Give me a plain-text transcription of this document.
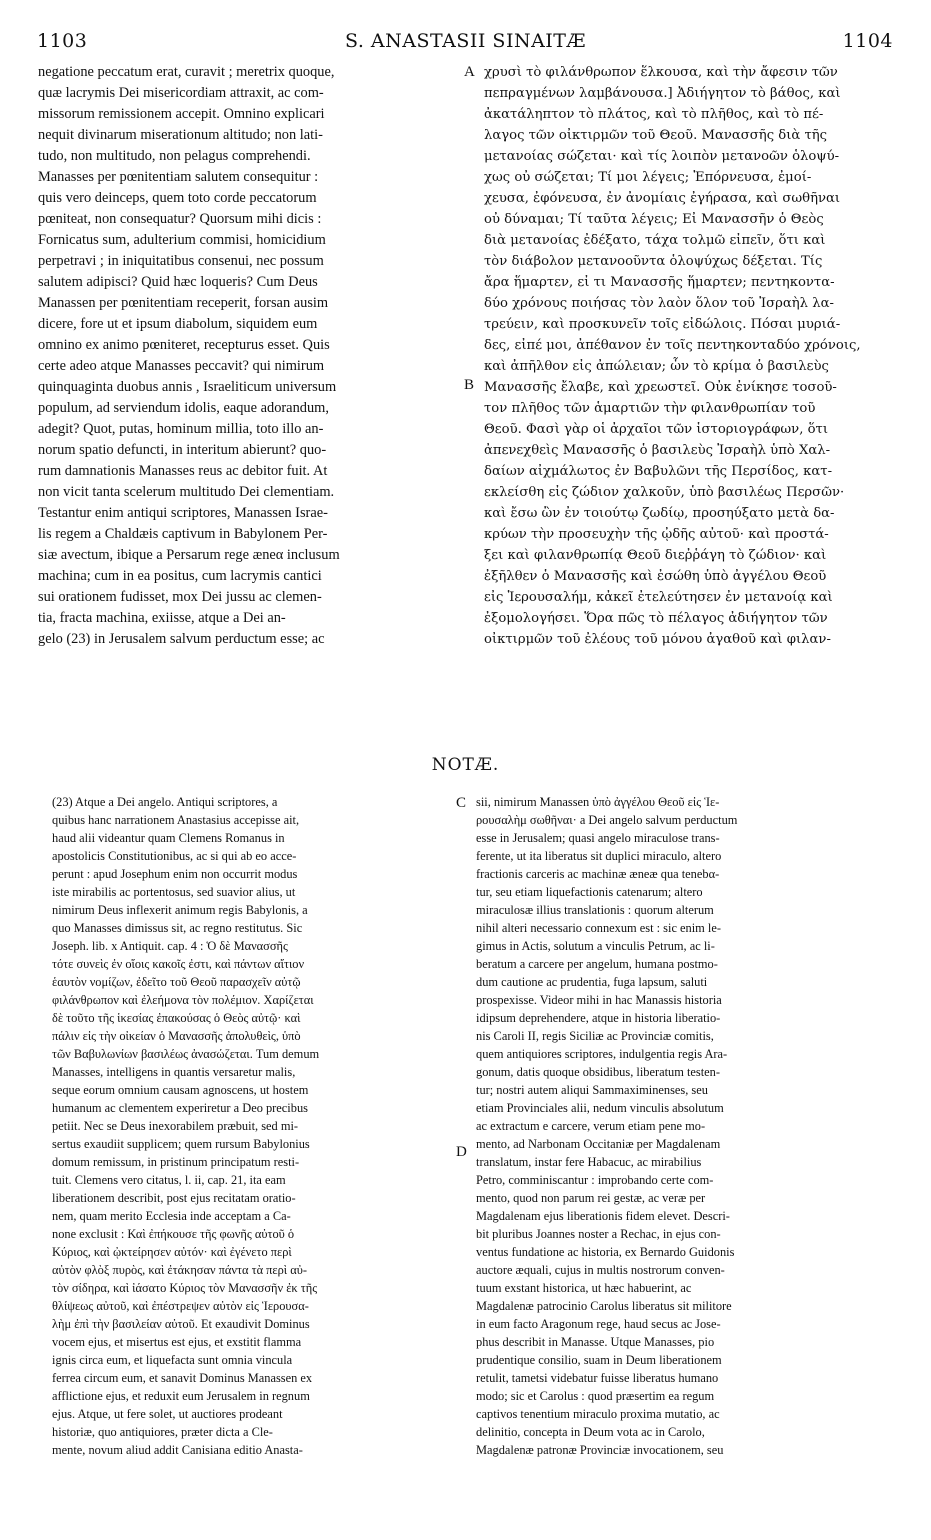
1103	S. ANASTASII SINAITÆ	1104
A
B
C
D
negatione peccatum erat, curavit ; meretrix quoque,
quæ lacrymis Dei misericordiam attraxit, ac com-
missorum remissionem accepit. Omnino explicari
nequit divinarum miserationum altitudo; non lati-
tudo, non multitudo, non pelagus comprehendi.
Manasses per pœnitentiam salutem consequitur :
quis vero deinceps, quem toto corde peccatorum
pœniteat, non consequatur? Quorsum mihi dicis :
Fornicatus sum, adulterium commisi, homicidium
perpetravi ; in iniquitatibus consenui, nec possum
salutem adipisci? Quid hæc loqueris? Cum Deus
Manassen per pœnitentiam receperit, forsan ausim
dicere, fore ut et ipsum diabolum, siquidem eum
omnino ex animo pœniteret, recepturus esset. Quis
certe adeo atque Manasses peccavit? qui nimirum
quinquaginta duobus annis , Israeliticum universum
populum, ad serviendum idolis, eaque adorandum,
adegit? Quot, putas, hominum millia, toto illo an-
norum spatio defuncti, in interitum abierunt? quo-
rum damnationis Manasses reus ac debitor fuit. At
non vicit tanta scelerum multitudo Dei clementiam.
Testantur enim antiqui scriptores, Manassen Israe-
lis regem a Chaldæis captivum in Babylonem Per-
siæ avectum, ibique a Persarum rege æneα inclusum
machina; cum in ea positus, cum lacrymis cantici
sui orationem fudisset, mox Dei jussu ac clemen-
tia, fracta machina, exiisse, atque a Dei an-
gelo (23) in Jerusalem salvum perductum esse; ac
χρυσὶ τὸ φιλάνθρωπον ἕλκουσα, καὶ τὴν ἄφεσιν τῶν
πεπραγμένων λαμβάνουσα.] Ἀδιήγητον τὸ βάθος, καὶ
ἀκατάληπτον τὸ πλάτος, καὶ τὸ πλῆθος, καὶ τὸ πέ-
λαγος τῶν οἰκτιρμῶν τοῦ Θεοῦ. Μανασσῆς διὰ τῆς
μετανοίας σώζεται· καὶ τίς λοιπὸν μετανοῶν ὁλοψύ-
χως οὐ σώζεται; Τί μοι λέγεις; Ἐπόρνευσα, ἐμοί-
χευσα, ἐφόνευσα, ἐν ἀνομίαις ἐγήρασα, καὶ σωθῆναι
οὐ δύναμαι; Τί ταῦτα λέγεις; Εἰ Μανασσῆν ὁ Θεὸς
διὰ μετανοίας ἐδέξατο, τάχα τολμῶ εἰπεῖν, ὅτι καὶ
τὸν διάβολον μετανοοῦντα ὁλοψύχως δέξεται. Τίς
ἄρα ἥμαρτεν, εἰ τι Μανασσῆς ἥμαρτεν; πεντηκοντα-
δύο χρόνους ποιήσας τὸν λαὸν ὅλον τοῦ Ἰσραὴλ λα-
τρεύειν, καὶ προσκυνεῖν τοῖς εἰδώλοις. Πόσαι μυριά-
δες, εἰπέ μοι, ἀπέθανον ἐν τοῖς πεντηκονταδύο χρόνοις,
καὶ ἀπῆλθον εἰς ἀπώλειαν; ὧν τὸ κρίμα ὁ βασιλεὺς
Μανασσῆς ἔλαβε, καὶ χρεωστεῖ. Οὐκ ἐνίκησε τοσοῦ-
τον πλῆθος τῶν ἁμαρτιῶν τὴν φιλανθρωπίαν τοῦ
Θεοῦ. Φασὶ γὰρ οἱ ἀρχαῖοι τῶν ἱστοριογράφων, ὅτι
ἀπενεχθεὶς Μανασσῆς ὁ βασιλεὺς Ἰσραὴλ ὑπὸ Χαλ-
δαίων αἰχμάλωτος ἐν Βαβυλῶνι τῆς Περσίδος, κατ-
εκλείσθη εἰς ζώδιον χαλκοῦν, ὑπὸ βασιλέως Περσῶν·
καὶ ἔσω ὢν ἐν τοιούτῳ ζωδίῳ, προσηύξατο μετὰ δα-
κρύων τὴν προσευχὴν τῆς ᾠδῆς αὐτοῦ· καὶ προστά-
ξει καὶ φιλανθρωπίᾳ Θεοῦ διεῤῥάγη τὸ ζώδιον· καὶ
ἐξῆλθεν ὁ Μανασσῆς καὶ ἐσώθη ὑπὸ ἀγγέλου Θεοῦ
εἰς Ἱερουσαλήμ, κἀκεῖ ἐτελεύτησεν ἐν μετανοίᾳ καὶ
ἐξομολογήσει. Ὅρα πῶς τὸ πέλαγος ἀδιήγητον τῶν
οἰκτιρμῶν τοῦ ἐλέους τοῦ μόνου ἀγαθοῦ καὶ φιλαν-
NOTÆ.
(23) Atque a Dei angelo. Antiqui scriptores, a
quibus hanc narrationem Anastasius accepisse ait,
haud alii videantur quam Clemens Romanus in
apostolicis Constitutionibus, ac si qui ab eo acce-
perunt : apud Josephum enim non occurrit modus
iste mirabilis ac portentosus, sed suavior alius, ut
nimirum Deus inflexerit animum regis Babylonis, a
quo Manasses dimissus sit, ac regno restitutus. Sic
Joseph. lib. x Antiquit. cap. 4 : Ὁ δὲ Μανασσῆς
τότε συνεὶς ἐν οἵοις κακοῖς ἐστι, καὶ πάντων αἴτιον
ἑαυτὸν νομίζων, ἐδεῖτο τοῦ Θεοῦ παρασχεῖν αὐτῷ
φιλάνθρωπον καὶ ἐλεήμονα τὸν πολέμιον. Χαρίζεται
δὲ τοῦτο τῆς ἱκεσίας ἐπακούσας ὁ Θεὸς αὐτῷ· καὶ
πάλιν εἰς τὴν οἰκείαν ὁ Μανασσῆς ἀπολυθεὶς, ὑπὸ
τῶν Βαβυλωνίων βασιλέως ἀνασώζεται. Tum demum
Manasses, intelligens in quantis versaretur malis,
seque eorum omnium causam agnoscens, ut hostem
humanum ac clementem experiretur a Deo precibus
petiit. Nec se Deus inexorabilem præbuit, sed mi-
sertus exaudiit supplicem; quem rursum Babylonius
domum remissum, in pristinum principatum resti-
tuit. Clemens vero citatus, l. ii, cap. 21, ita eam
liberationem describit, post ejus recitatam oratio-
nem, quam merito Ecclesia inde acceptam a Ca-
none exclusit : Καὶ ἐπήκουσε τῆς φωνῆς αὐτοῦ ὁ
Κύριος, καὶ ᾠκτείρησεν αὐτόν· καὶ ἐγένετο περὶ
αὐτὸν φλὸξ πυρὸς, καὶ ἐτάκησαν πάντα τὰ περὶ αὐ-
τὸν σίδηρα, καὶ ἰάσατο Κύριος τὸν Μανασσῆν ἐκ τῆς
θλίψεως αὐτοῦ, καὶ ἐπέστρεψεν αὐτὸν εἰς Ἱερουσα-
λὴμ ἐπὶ τὴν βασιλείαν αὐτοῦ. Et exaudivit Dominus
vocem ejus, et misertus est ejus, et exstitit flamma
ignis circa eum, et liquefacta sunt omnia vincula
ferrea circum eum, et sanavit Dominus Manassen ex
afflictione ejus, et reduxit eum Jerusalem in regnum
ejus. Atque, ut fere solet, ut auctiores prodeant
historiæ, quo antiquiores, præter dicta a Cle-
mente, novum aliud addit Canisiana editio Anasta-
sii, nimirum Manassen ὑπὸ ἀγγέλου Θεοῦ εἰς Ἱε-
ρουσαλὴμ σωθῆναι· a Dei angelo salvum perductum
esse in Jerusalem; quasi angelo miraculose trans-
ferente, ut ita liberatus sit duplici miraculo, altero
fractionis carceris ac machinæ æneæ qua tenebα-
tur, seu etiam liquefactionis catenarum; altero
miraculosæ illius translationis : quorum alterum
nihil alteri necessario connexum est : sic enim le-
gimus in Actis, solutum a vinculis Petrum, ac li-
beratum a carcere per angelum, humana postmo-
dum cautione ac prudentia, fuga lapsum, saluti
prospexisse. Videor mihi in hac Manassis historia
idipsum deprehendere, atque in historia liberatio-
nis Caroli II, regis Siciliæ ac Provinciæ comitis,
quem antiquiores scriptores, indulgentia regis Ara-
gonum, datis quoque obsidibus, liberatum testen-
tur; nostri autem aliqui Sammaximinenses, seu
etiam Provinciales alii, nedum vinculis absolutum
ac extractum e carcere, verum etiam pene mo-
mento, ad Narbonam Occitaniæ per Magdalenam
translatum, instar fere Habacuc, ac mirabilius
Petro, comminiscantur : improbando certe com-
mento, quod non parum rei gestæ, ac veræ per
Magdalenam ejus liberationis fidem elevet. Descri-
bit pluribus Joannes noster a Rechac, in ejus con-
ventus fundatione ac historia, ex Bernardo Guidonis
auctore æquali, cujus in multis nostrorum conven-
tuum exstant historica, ut hæc habuerint, ac
Magdalenæ patrocinio Carolus liberatus sit militore
in eum facto Aragonum rege, haud secus ac Jose-
phus describit in Manasse. Utque Manasses, pio
prudentique consilio, suam in Deum liberationem
retulit, tametsi videbatur fuisse liberatus humano
modo; sic et Carolus : quod præsertim ea regum
captivos tenentium miraculo proxima mutatio, ac
delinitio, concepta in Deum vota ac in Carolo,
Magdalenæ patronæ Provinciæ invocationem, seu
